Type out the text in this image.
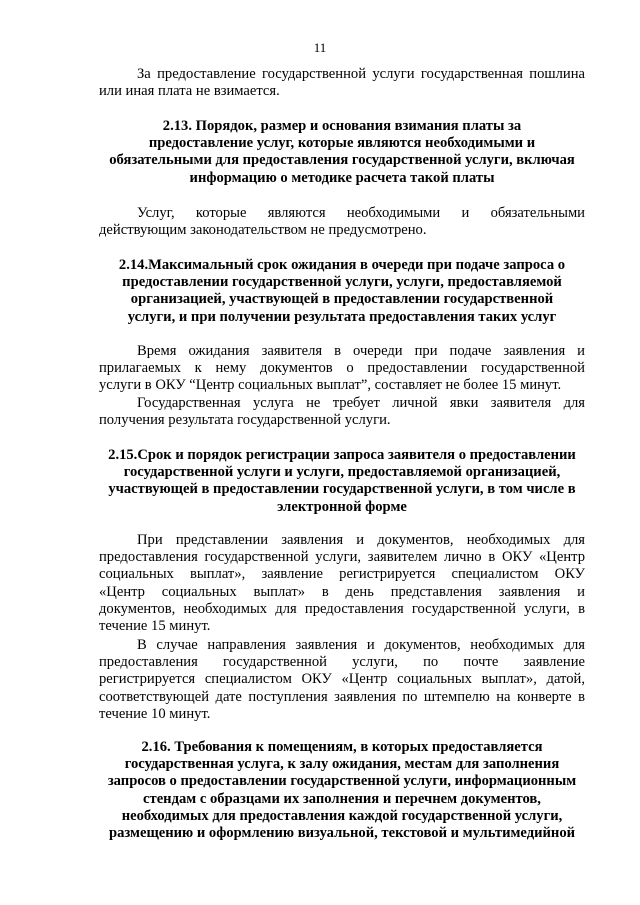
11

За предоставление государственной услуги государственная пошлина

или иная плата не взимается.

2.13. Порядок, размер и основания взимания платы за
предоставление услуг, которые являются необходимыми и
обязательными для предоставления государственной услуги, включая
информацию о методике расчета такой платы

Услуг, которые являются необходимыми и обязательными

действующим законодательством не предусмотрено.

2.14.Максимальный срок ожидания в очереди при подаче запроса о
предоставлении государственной услуги, услуги, предоставляемой
организацией, участвующей в предоставлении государственной
услуги, и при получении результата предоставления таких услуг

Время ожидания заявителя в очереди при подаче заявления и

прилагаемых к нему документов о предоставлении государственной

услуги в ОКУ “Центр социальных выплат”, составляет не более 15 минут.

Государственная услуга не требует личной явки заявителя для

получения результата государственной услуги.

2.15.Срок и порядок регистрации запроса заявителя о предоставлении
государственной услуги и услуги, предоставляемой организацией,
участвующей в предоставлении государственной услуги, в том числе в
электронной форме

При представлении заявления и документов, необходимых для

предоставления государственной услуги, заявителем лично в ОКУ «Центр

социальных выплат», заявление регистрируется специалистом ОКУ

«Центр социальных выплат» в день представления заявления и

документов, необходимых для предоставления государственной услуги, в

течение 15 минут.

В случае направления заявления и документов, необходимых для

предоставления государственной услуги, по почте заявление

регистрируется специалистом ОКУ «Центр социальных выплат», датой,

соответствующей дате поступления заявления по штемпелю на конверте в

течение 10 минут.

2.16. Требования к помещениям, в которых предоставляется
государственная услуга, к залу ожидания, местам для заполнения
запросов о предоставлении государственной услуги, информационным
стендам с образцами их заполнения и перечнем документов,
необходимых для предоставления каждой государственной услуги,
размещению и оформлению визуальной, текстовой и мультимедийной
